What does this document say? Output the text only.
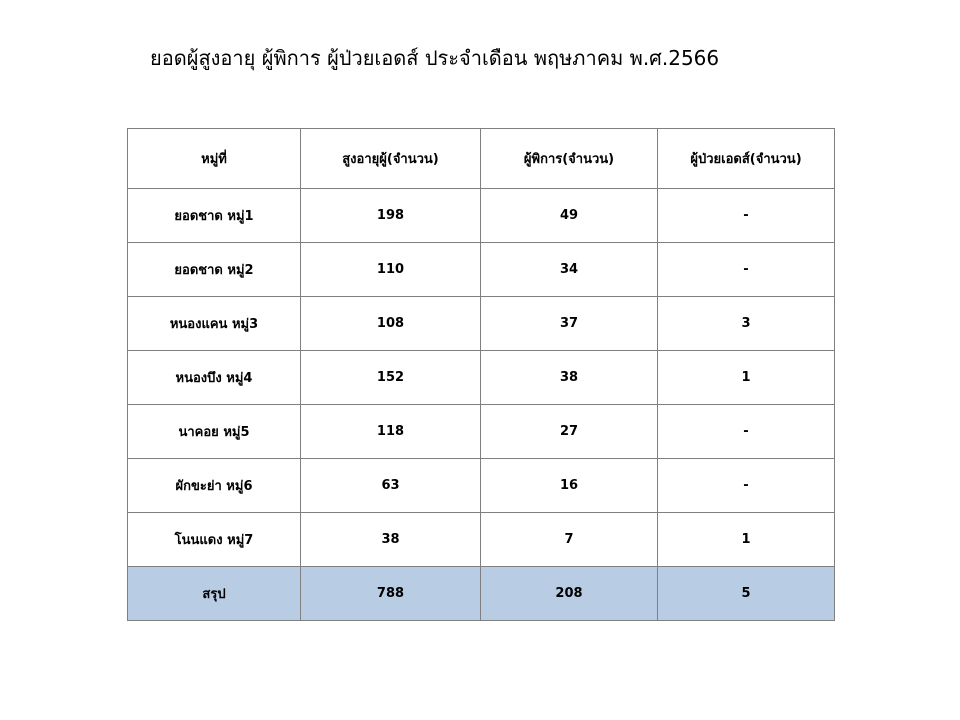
ยอดผู้สูงอายุ ผู้พิการ ผู้ป่วยเอดส์ ประจำเดือน พฤษภาคม พ.ศ.2566
หมู่ที่	สูงอายุผู้(จำนวน)	ผู้พิการ(จำนวน)	ผู้ป่วยเอดส์(จำนวน)
ยอดชาด หมู่1	198	49	-
ยอดชาด หมู่2	110	34	-
หนองแคน หมู่3	108	37	3
หนองบึง หมู่4	152	38	1
นาคอย หมู่5	118	27	-
ผักขะย่า หมู่6	63	16	-
โนนแดง หมู่7	38	7	1
สรุป	788	208	5
